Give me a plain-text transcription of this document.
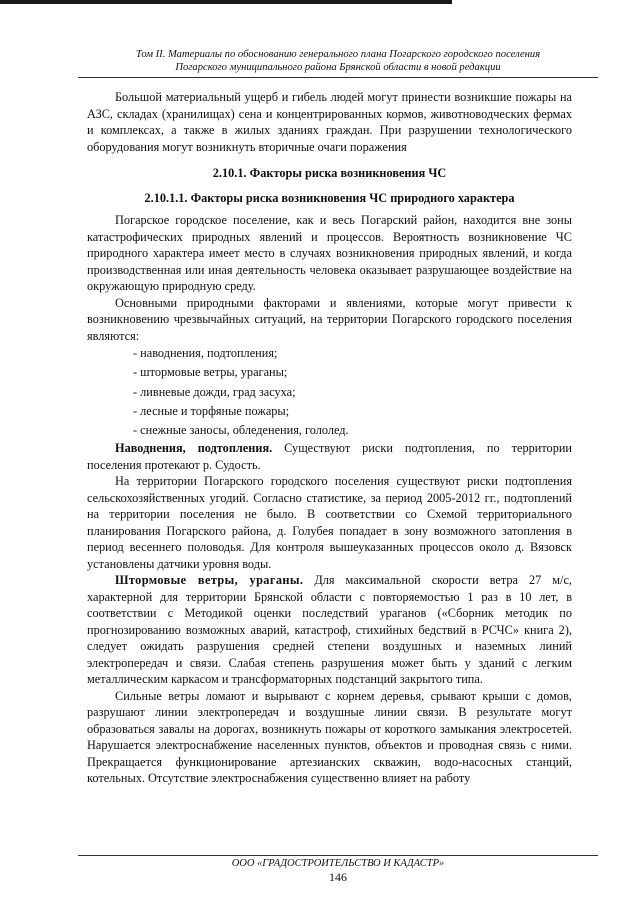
Том II. Материалы по обоснованию генерального плана Погарского городского поселения
Погарского муниципального района Брянской области в новой редакции

Большой материальный ущерб и гибель людей могут принести возникшие пожары на АЗС, складах (хранилищах) сена и концентрированных кормов, животноводческих фермах и комплексах, а также в жилых зданиях граждан. При разрушении технологического оборудования могут возникнуть вторичные очаги поражения

2.10.1. Факторы риска возникновения ЧС
2.10.1.1. Факторы риска возникновения ЧС природного характера

Погарское городское поселение, как и весь Погарский район, находится вне зоны катастрофических природных явлений и процессов. Вероятность возникновение ЧС природного характера имеет место в случаях возникновения природных явлений, и когда производственная или иная деятельность человека оказывает разрушающее воздействие на окружающую природную среду.

Основными природными факторами и явлениями, которые могут привести к возникновению чрезвычайных ситуаций, на территории Погарского городского поселения являются:

- наводнения, подтопления;
- штормовые ветры, ураганы;
- ливневые дожди, град засуха;
- лесные и торфяные пожары;
- снежные заносы, обледенения, гололед.

Наводнения, подтопления. Существуют риски подтопления, по территории поселения протекают р. Судость.

На территории Погарского городского поселения существуют риски подтопления сельскохозяйственных угодий. Согласно статистике, за период 2005-2012 гг., подтоплений на территории поселения не было. В соответствии со Схемой территориального планирования Погарского района, д. Голубея попадает в зону возможного затопления в период весеннего половодья. Для контроля вышеуказанных процессов около д. Вязовск установлены датчики уровня воды.

Штормовые ветры, ураганы. Для максимальной скорости ветра 27 м/с, характерной для территории Брянской области с повторяемостью 1 раз в 10 лет, в соответствии с Методикой оценки последствий ураганов («Сборник методик по прогнозированию возможных аварий, катастроф, стихийных бедствий в РСЧС» книга 2), следует ожидать разрушения средней степени воздушных и наземных линий электропередач и связи. Слабая степень разрушения может быть у зданий с легким металлическим каркасом и трансформаторных подстанций закрытого типа.

Сильные ветры ломают и вырывают с корнем деревья, срывают крыши с домов, разрушают линии электропередач и воздушные линии связи. В результате могут образоваться завалы на дорогах, возникнуть пожары от короткого замыкания электросетей. Нарушается электроснабжение населенных пунктов, объектов и проводная связь с ними. Прекращается функционирование артезианских скважин, водо-насосных станций, котельных. Отсутствие электроснабжения существенно влияет на работу

ООО «ГРАДОСТРОИТЕЛЬСТВО И КАДАСТР»
146
